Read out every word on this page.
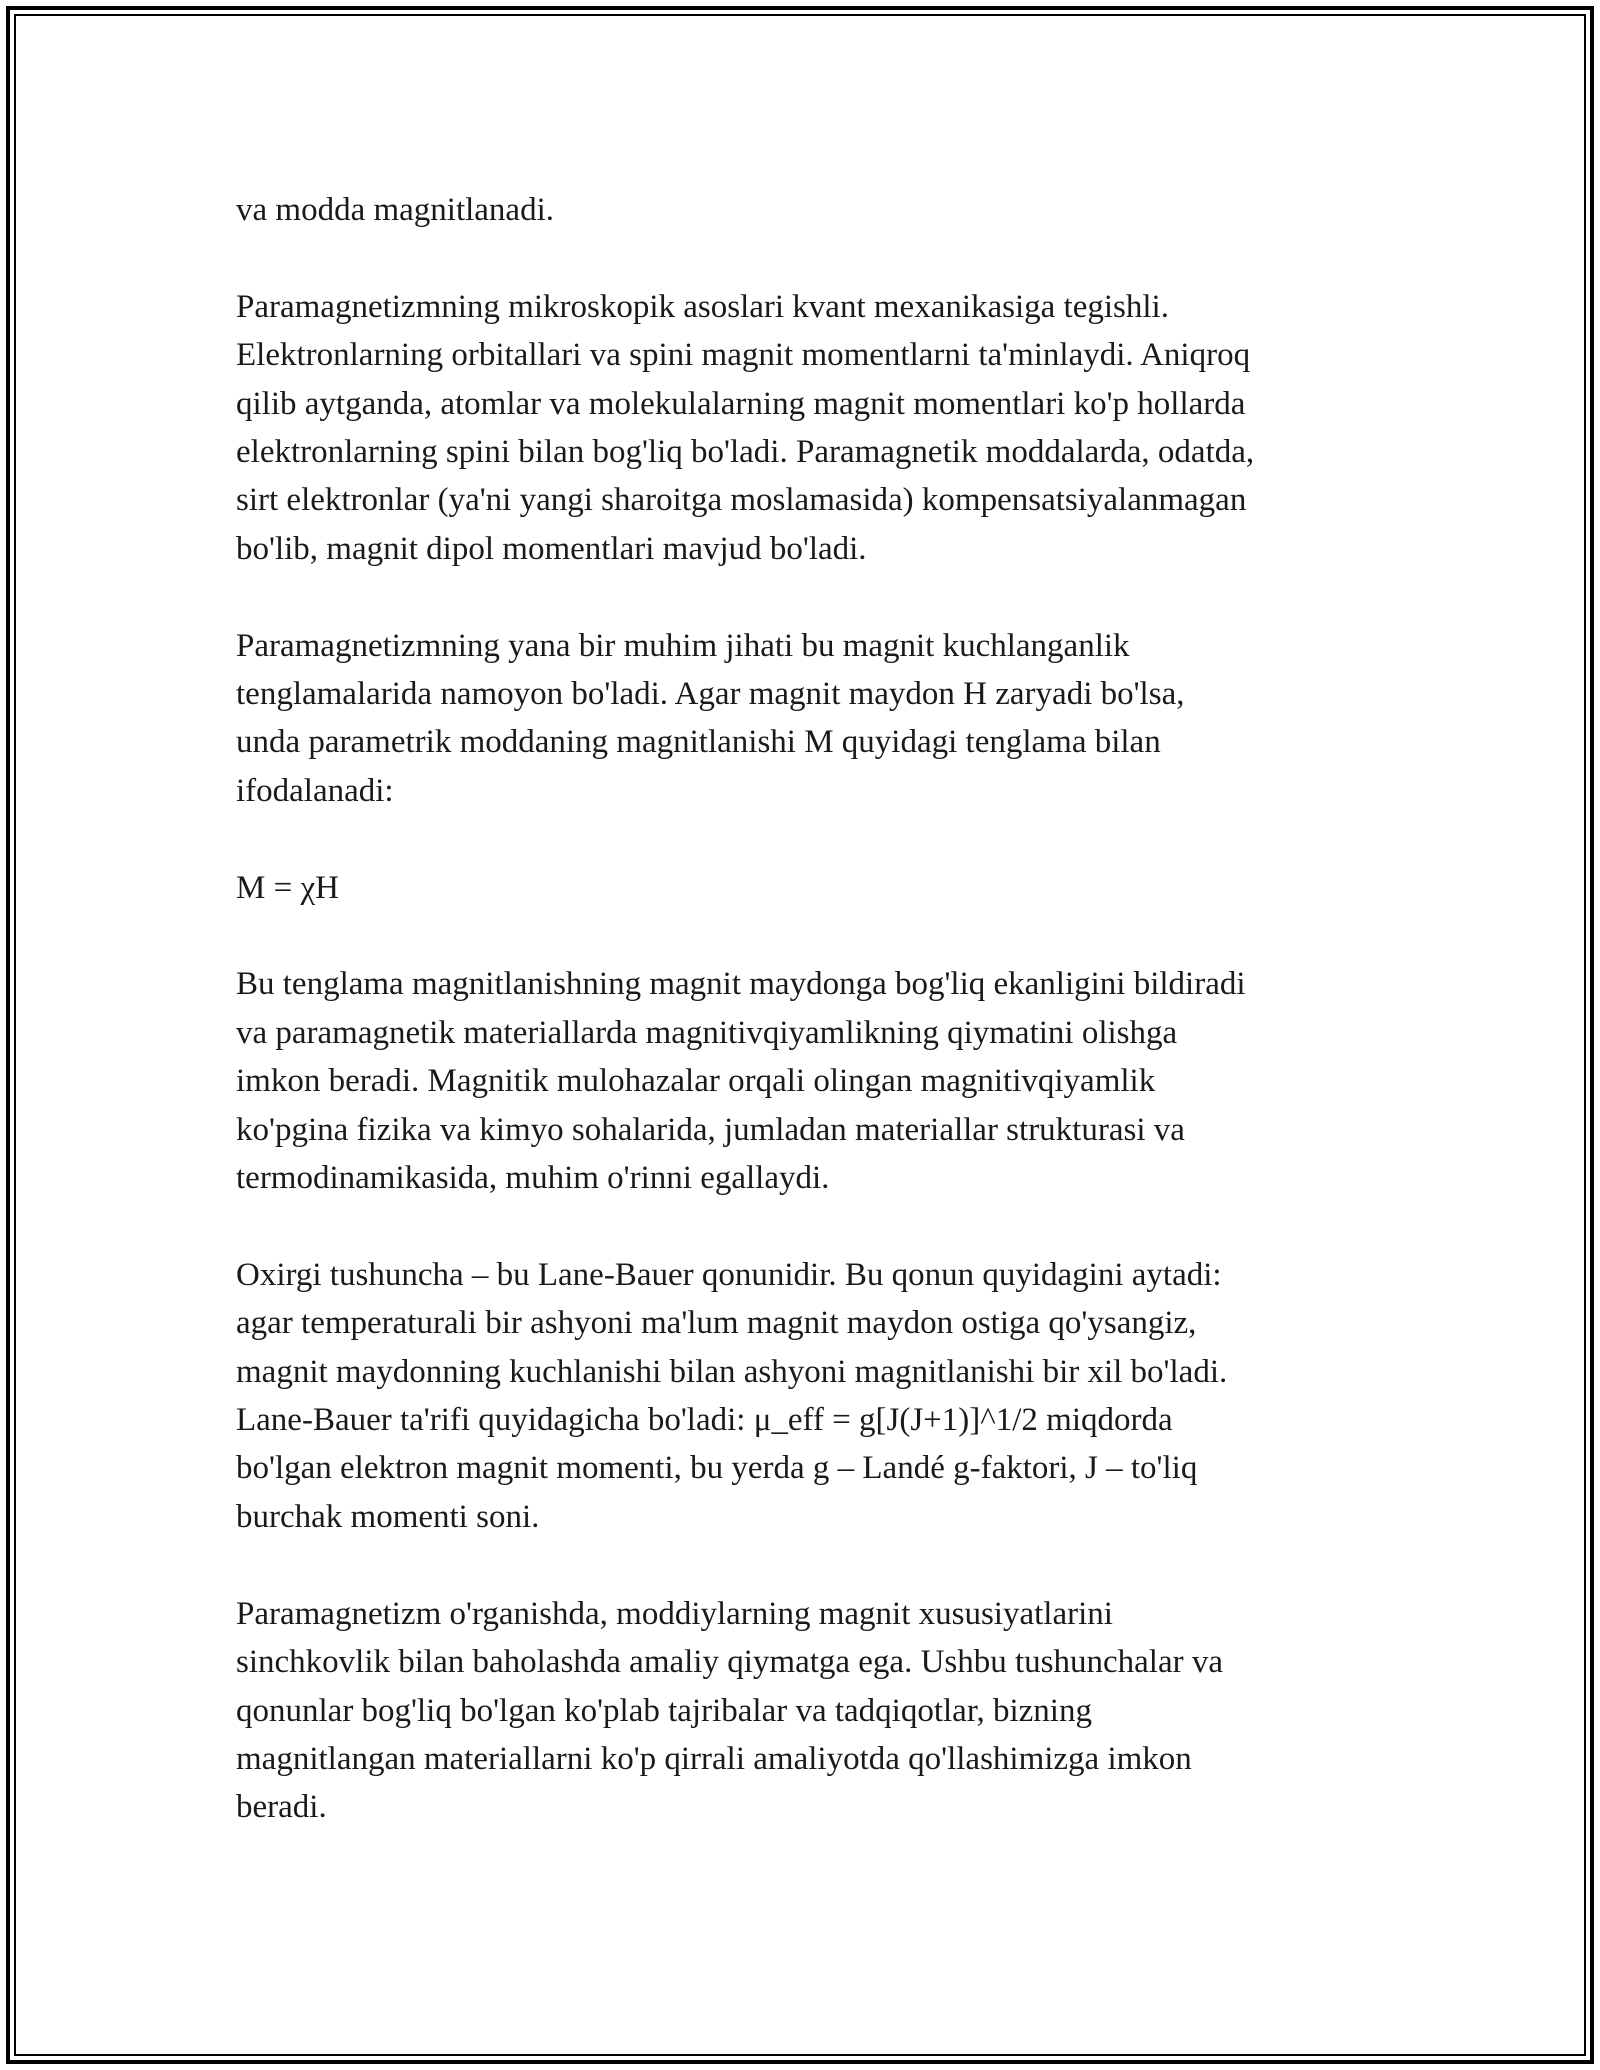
va modda magnitlanadi.

Paramagnetizmning mikroskopik asoslari kvant mexanikasiga tegishli.
Elektronlarning orbitallari va spini magnit momentlarni ta'minlaydi. Aniqroq
qilib aytganda, atomlar va molekulalarning magnit momentlari ko'p hollarda
elektronlarning spini bilan bog'liq bo'ladi. Paramagnetik moddalarda, odatda,
sirt elektronlar (ya'ni yangi sharoitga moslamasida) kompensatsiyalanmagan
bo'lib, magnit dipol momentlari mavjud bo'ladi.

Paramagnetizmning yana bir muhim jihati bu magnit kuchlanganlik
tenglamalarida namoyon bo'ladi. Agar magnit maydon H zaryadi bo'lsa,
unda parametrik moddaning magnitlanishi M quyidagi tenglama bilan
ifodalanadi:

M = χH

Bu tenglama magnitlanishning magnit maydonga bog'liq ekanligini bildiradi
va paramagnetik materiallarda magnitivqiyamlikning qiymatini olishga
imkon beradi. Magnitik mulohazalar orqali olingan magnitivqiyamlik
ko'pgina fizika va kimyo sohalarida, jumladan materiallar strukturasi va
termodinamikasida, muhim o'rinni egallaydi.

Oxirgi tushuncha – bu Lane-Bauer qonunidir. Bu qonun quyidagini aytadi:
agar temperaturali bir ashyoni ma'lum magnit maydon ostiga qo'ysangiz,
magnit maydonning kuchlanishi bilan ashyoni magnitlanishi bir xil bo'ladi.
Lane-Bauer ta'rifi quyidagicha bo'ladi: μ_eff = g[J(J+1)]^1/2 miqdorda
bo'lgan elektron magnit momenti, bu yerda g – Landé g-faktori, J – to'liq
burchak momenti soni.

Paramagnetizm o'rganishda, moddiylarning magnit xususiyatlarini
sinchkovlik bilan baholashda amaliy qiymatga ega. Ushbu tushunchalar va
qonunlar bog'liq bo'lgan ko'plab tajribalar va tadqiqotlar, bizning
magnitlangan materiallarni ko'p qirrali amaliyotda qo'llashimizga imkon
beradi.
